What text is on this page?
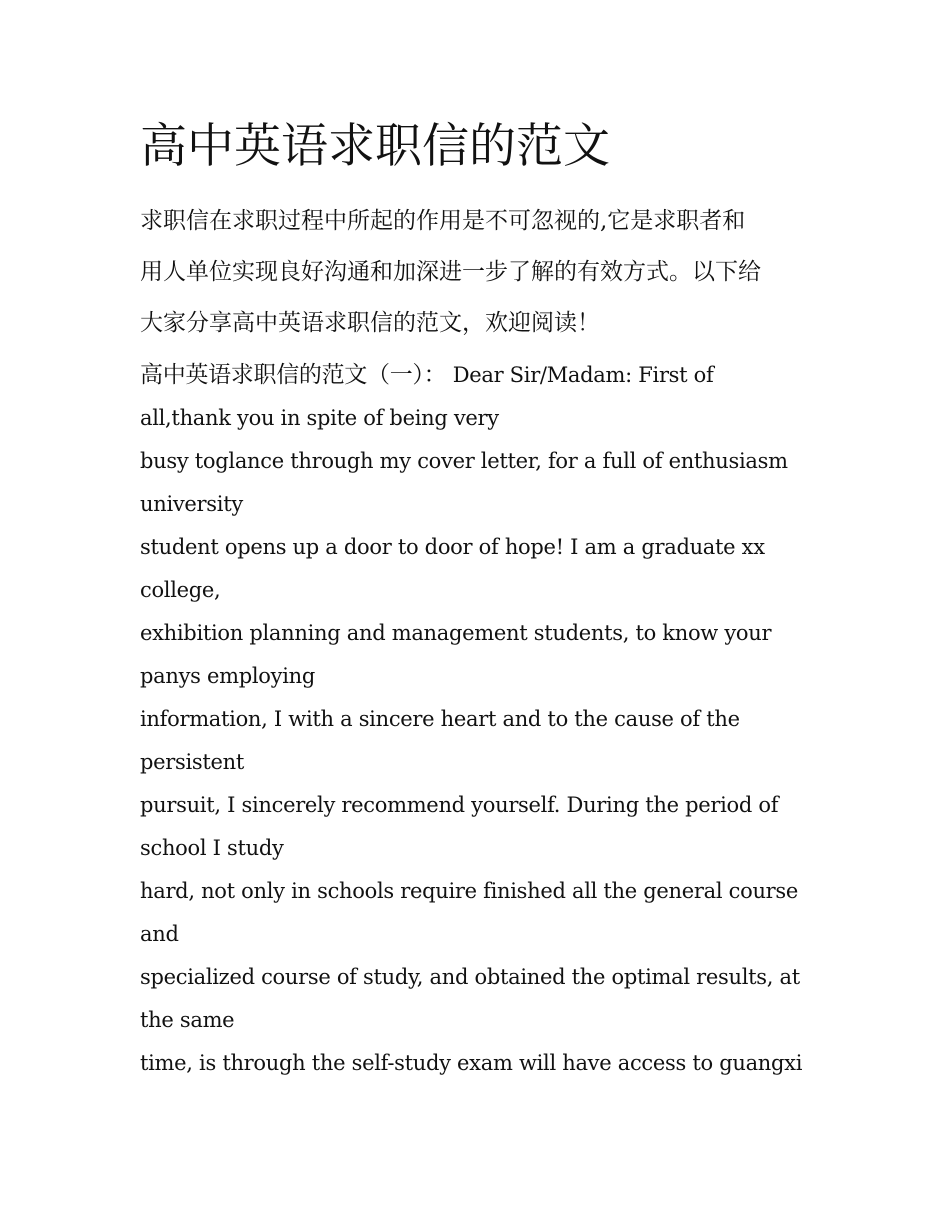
高中英语求职信的范文

求职信在求职过程中所起的作用是不可忽视的,它是求职者和
用人单位实现良好沟通和加深进一步了解的有效方式。以下给
大家分享高中英语求职信的范文，欢迎阅读！

高中英语求职信的范文（一）： Dear Sir/Madam: First of
all,thank you in spite of being very
busy toglance through my cover letter, for a full of enthusiasm
university
student opens up a door to door of hope! I am a graduate xx
college,
exhibition planning and management students, to know your
panys employing
information, I with a sincere heart and to the cause of the
persistent
pursuit, I sincerely recommend yourself. During the period of
school I study
hard, not only in schools require finished all the general course
and
specialized course of study, and obtained the optimal results, at
the same
time, is through the self-study exam will have access to guangxi
